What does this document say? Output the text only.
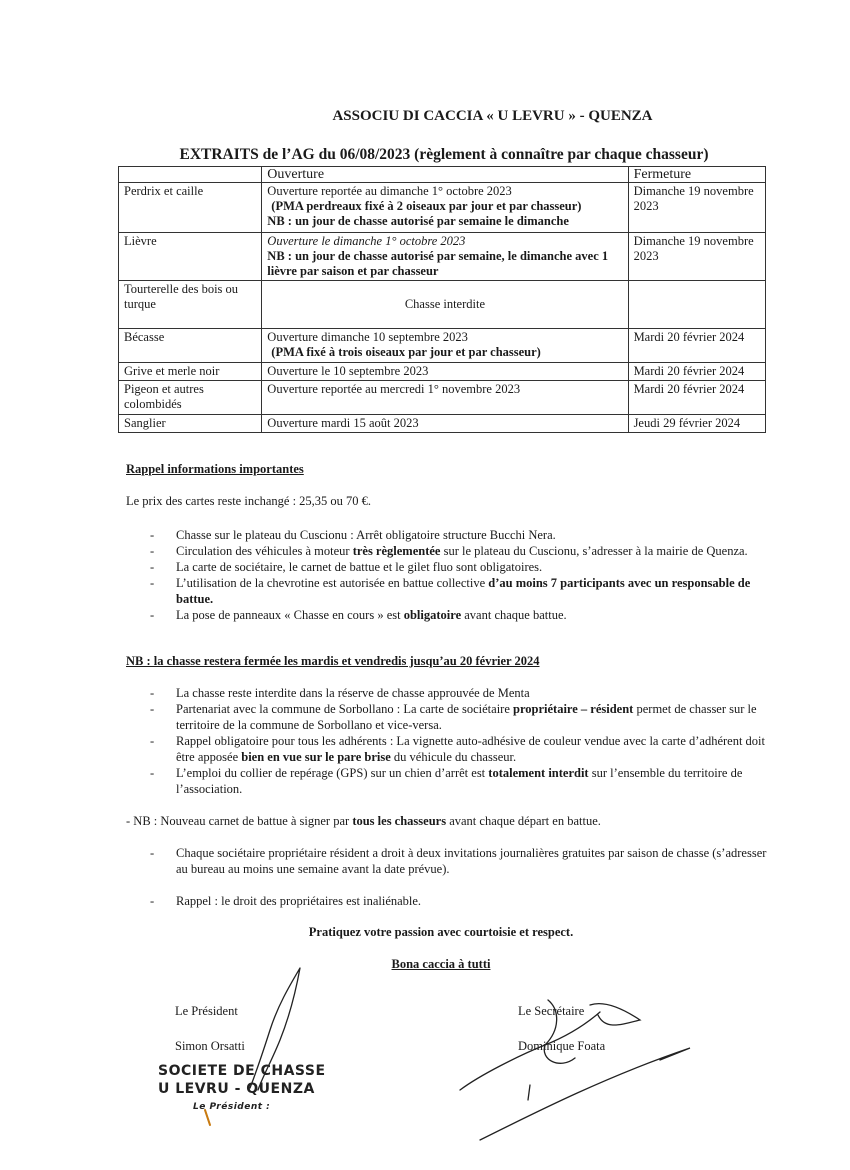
ASSOCIU DI CACCIA « U LEVRU » - QUENZA
EXTRAITS de l’AG du 06/08/2023 (règlement à connaître par chaque chasseur)
	Ouverture	Fermeture
Perdrix et caille	Ouverture reportée au dimanche 1° octobre 2023
(PMA perdreaux fixé à 2 oiseaux par jour et par chasseur)
NB : un jour de chasse autorisé par semaine le dimanche	Dimanche 19 novembre 2023
Lièvre	Ouverture le dimanche 1° octobre 2023
NB : un jour de chasse autorisé par semaine, le dimanche avec 1 lièvre par saison et par chasseur	Dimanche 19 novembre 2023
Tourterelle des bois ou turque	Chasse interdite	
Bécasse	Ouverture dimanche 10 septembre 2023
(PMA fixé à trois oiseaux par jour et par chasseur)	Mardi 20 février 2024
Grive et merle noir	Ouverture le 10 septembre 2023	Mardi 20 février 2024
Pigeon et autres colombidés	Ouverture reportée au mercredi 1° novembre 2023	Mardi 20 février 2024
Sanglier	Ouverture mardi 15 août 2023	Jeudi 29 février 2024
Rappel informations importantes
Le prix des cartes reste inchangé : 25,35 ou 70 €.
- Chasse sur le plateau du Cuscionu : Arrêt obligatoire structure Bucchi Nera.
- Circulation des véhicules à moteur très règlementée sur le plateau du Cuscionu, s’adresser à la mairie de Quenza.
- La carte de sociétaire, le carnet de battue et le gilet fluo sont obligatoires.
- L’utilisation de la chevrotine est autorisée en battue collective d’au moins 7 participants avec un responsable de battue.
- La pose de panneaux « Chasse en cours » est obligatoire avant chaque battue.
NB : la chasse restera fermée les mardis et vendredis jusqu’au 20 février 2024
- La chasse reste interdite dans la réserve de chasse approuvée de Menta
- Partenariat avec la commune de Sorbollano : La carte de sociétaire propriétaire – résident permet de chasser sur le territoire de la commune de Sorbollano et vice-versa.
- Rappel obligatoire pour tous les adhérents : La vignette auto-adhésive de couleur vendue avec la carte d’adhérent doit être apposée bien en vue sur le pare brise du véhicule du chasseur.
- L’emploi du collier de repérage (GPS) sur un chien d’arrêt est totalement interdit sur l’ensemble du territoire de l’association.
- NB : Nouveau carnet de battue à signer par tous les chasseurs avant chaque départ en battue.
- Chaque sociétaire propriétaire résident a droit à deux invitations journalières gratuites par saison de chasse (s’adresser au bureau au moins une semaine avant la date prévue).
- Rappel : le droit des propriétaires est inaliénable.
Pratiquez votre passion avec courtoisie et respect.
Bona caccia à tutti
Le Président
Simon Orsatti
Le Secrétaire
Dominique Foata
SOCIETE DE CHASSE
U LEVRU - QUENZA
Le Président :
